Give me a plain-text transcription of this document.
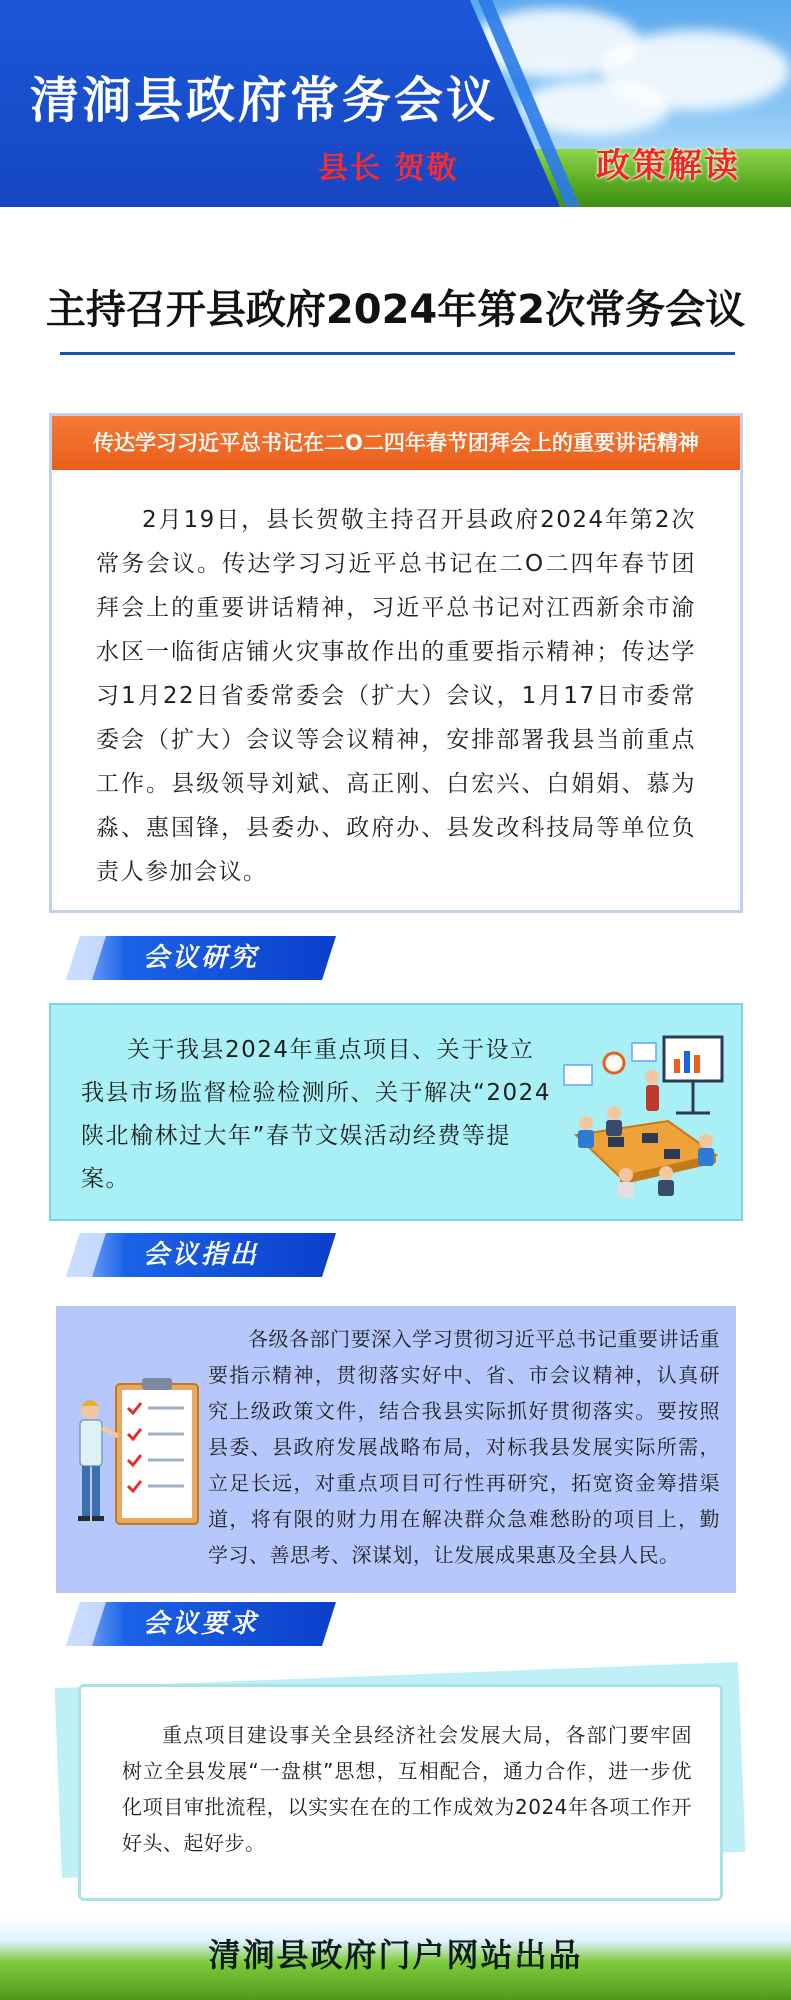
清涧县政府常务会议
县长 贺敬	政策解读
主持召开县政府2024年第2次常务会议
传达学习习近平总书记在二O二四年春节团拜会上的重要讲话精神
2月19日，县长贺敬主持召开县政府2024年第2次常务会议。传达学习习近平总书记在二O二四年春节团拜会上的重要讲话精神，习近平总书记对江西新余市渝水区一临街店铺火灾事故作出的重要指示精神；传达学习1月22日省委常委会（扩大）会议，1月17日市委常委会（扩大）会议等会议精神，安排部署我县当前重点工作。县级领导刘斌、高正刚、白宏兴、白娟娟、慕为淼、惠国锋，县委办、政府办、县发改科技局等单位负责人参加会议。
会议研究
关于我县2024年重点项目、关于设立我县市场监督检验检测所、关于解决“2024陕北榆林过大年”春节文娱活动经费等提案。
会议指出
各级各部门要深入学习贯彻习近平总书记重要讲话重要指示精神，贯彻落实好中、省、市会议精神，认真研究上级政策文件，结合我县实际抓好贯彻落实。要按照县委、县政府发展战略布局，对标我县发展实际所需，立足长远，对重点项目可行性再研究，拓宽资金筹措渠道，将有限的财力用在解决群众急难愁盼的项目上，勤学习、善思考、深谋划，让发展成果惠及全县人民。
会议要求
重点项目建设事关全县经济社会发展大局，各部门要牢固树立全县发展“一盘棋”思想，互相配合，通力合作，进一步优化项目审批流程，以实实在在的工作成效为2024年各项工作开好头、起好步。
清涧县政府门户网站出品
